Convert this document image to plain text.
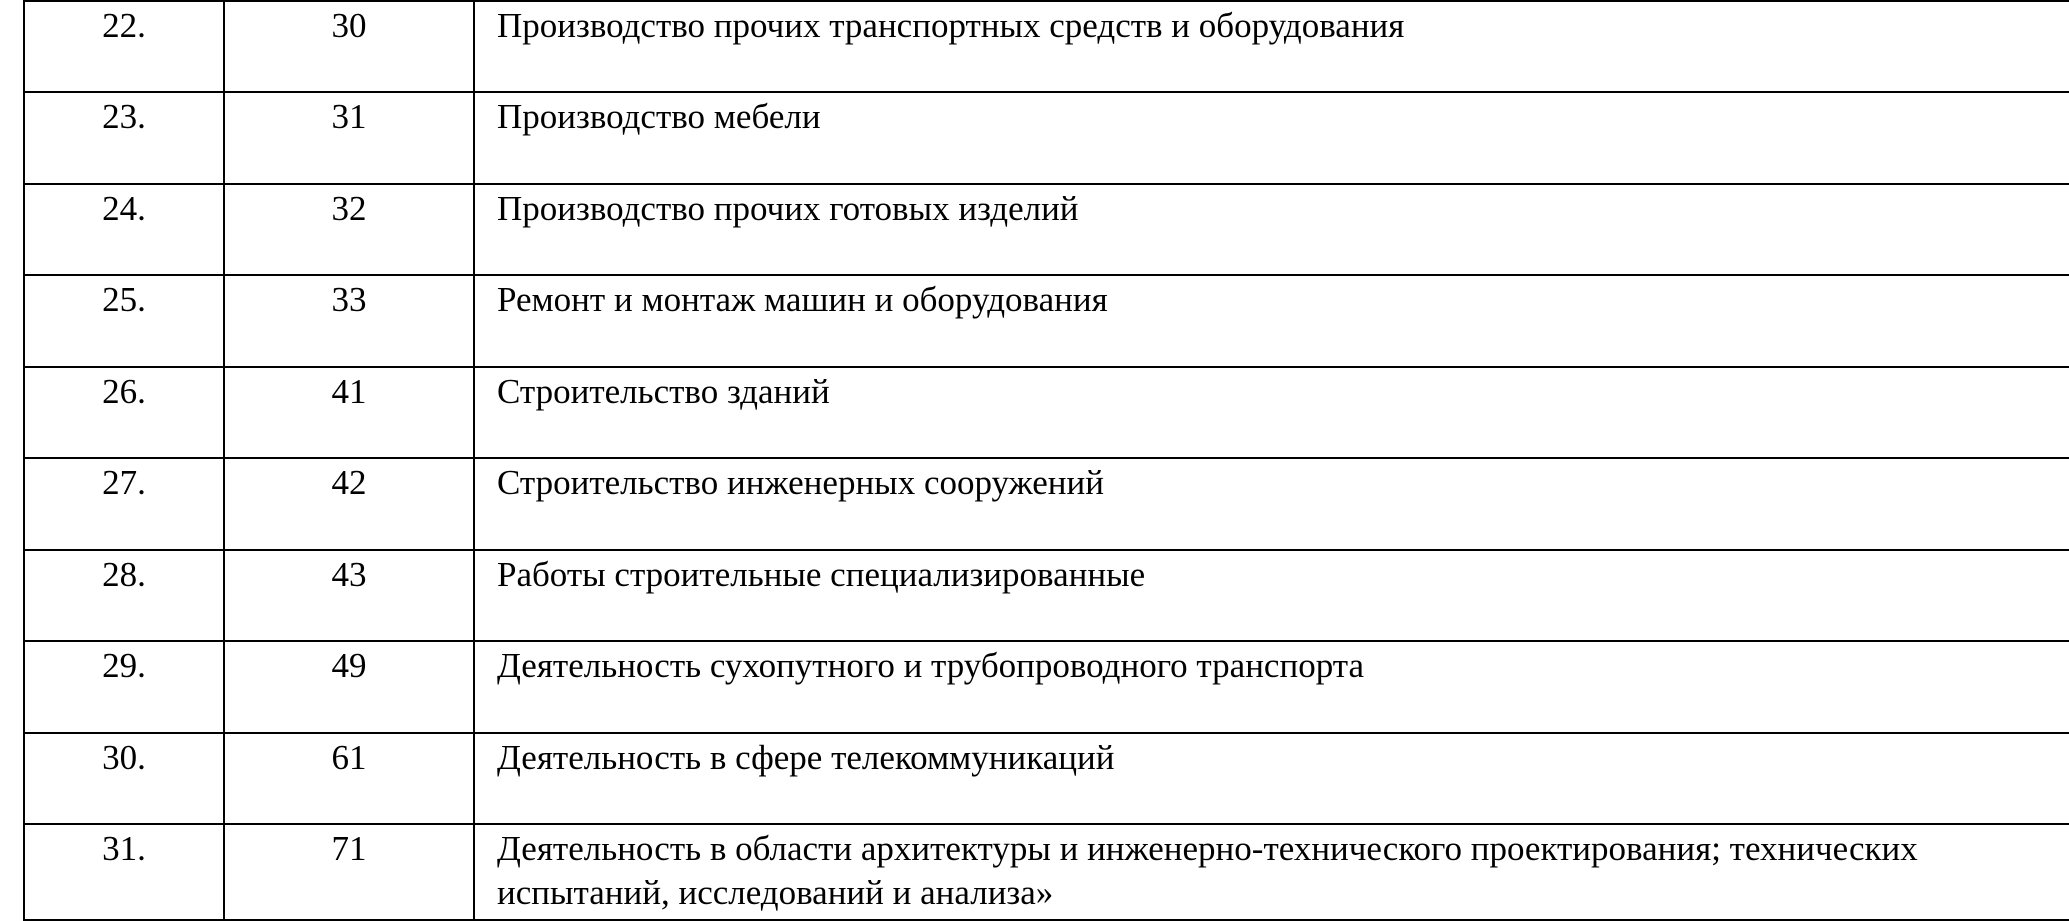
22.	30	Производство прочих транспортных средств и оборудования
23.	31	Производство мебели
24.	32	Производство прочих готовых изделий
25.	33	Ремонт и монтаж машин и оборудования
26.	41	Строительство зданий
27.	42	Строительство инженерных сооружений
28.	43	Работы строительные специализированные
29.	49	Деятельность сухопутного и трубопроводного транспорта
30.	61	Деятельность в сфере телекоммуникаций
31.	71	Деятельность в области архитектуры и инженерно-технического проектирования; технических испытаний, исследований и анализа»
